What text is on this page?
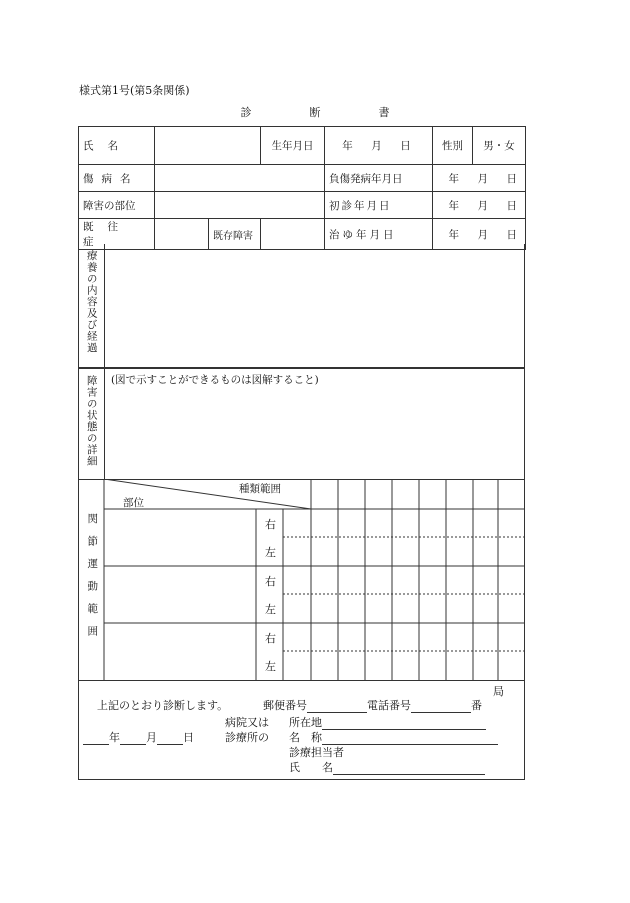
様式第1号(第5条関係)
診断書
氏名			生年月日	年　月　日	性別	男・女
傷病名				負傷発病年月日	年　月　日	
障害の部位				初診年月日	年　月　日	
既往症		既存障害		治ゆ年月日	年　月　日	
療養の内容及び経過
障害の状態の詳細 (図で示すことができるものは図解すること)
関節運動範囲
種類範囲
部位
右
左
右
左
右
左
局
上記のとおり診断します。	郵便番号	電話番号	番
病院又は 所在地
年 月 日	診療所の 名　称
診療担当者
氏　　名
